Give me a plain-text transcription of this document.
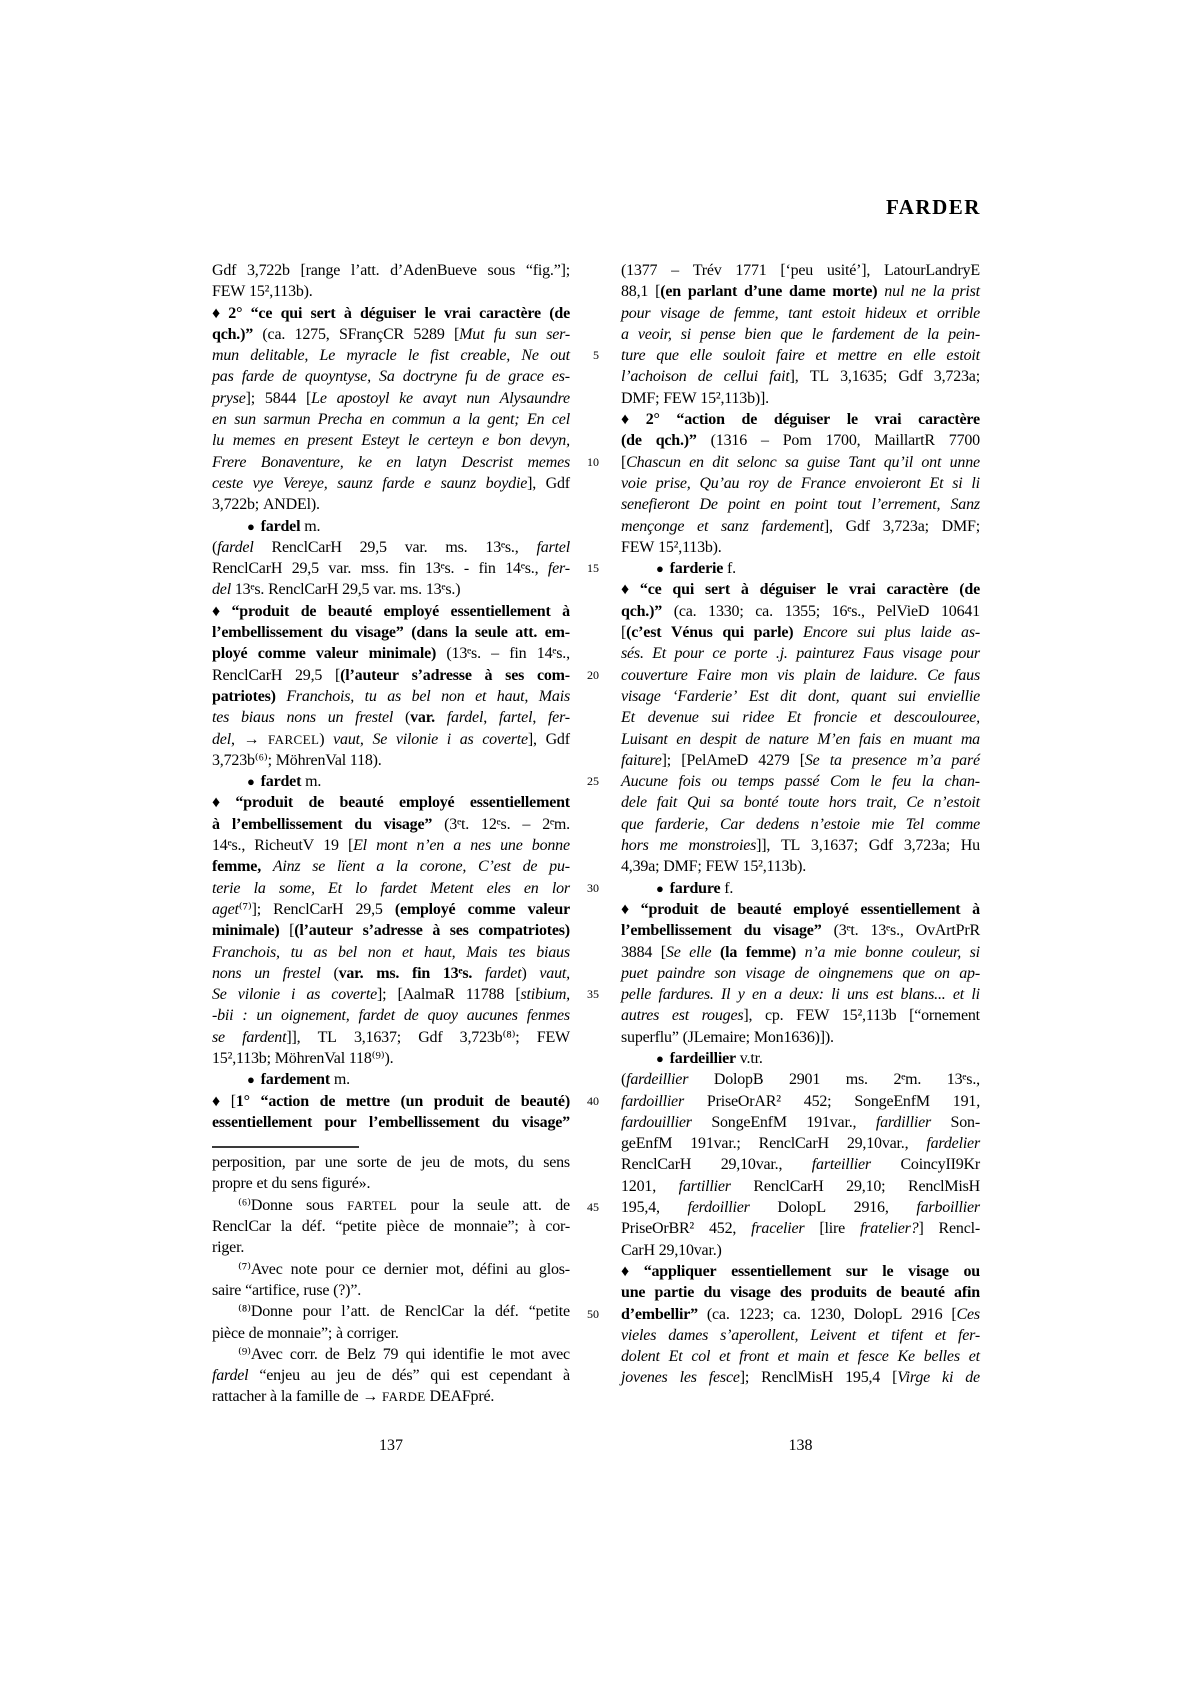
FARDER
Gdf 3,722b [range l’att. d’AdenBueve sous “fig.”];
FEW 15²,113b).
♦ 2° “ce qui sert à déguiser le vrai caractère (de
qch.)” (ca. 1275, SFrançCR 5289 [Mut fu sun ser-
mun delitable, Le myracle le fist creable, Ne out
pas farde de quoyntyse, Sa doctryne fu de grace es-
pryse]; 5844 [Le apostoyl ke avayt nun Alysaundre
en sun sarmun Precha en commun a la gent; En cel
lu memes en present Esteyt le certeyn e bon devyn,
Frere Bonaventure, ke en latyn Descrist memes
ceste vye Vereye, saunz farde e saunz boydie], Gdf
3,722b; ANDEl).
● fardel m.
(fardel RenclCarH 29,5 var. ms. 13ᵉs., fartel
RenclCarH 29,5 var. mss. fin 13ᵉs. - fin 14ᵉs., fer-
del 13ᵉs. RenclCarH 29,5 var. ms. 13ᵉs.)
♦ “produit de beauté employé essentiellement à
l’embellissement du visage” (dans la seule att. em-
ployé comme valeur minimale) (13ᵉs. – fin 14ᵉs.,
RenclCarH 29,5 [(l’auteur s’adresse à ses com-
patriotes) Franchois, tu as bel non et haut, Mais
tes biaus nons un frestel (var. fardel, fartel, fer-
del, → FARCEL) vaut, Se vilonie i as coverte], Gdf
3,723b⁽⁶⁾; MöhrenVal 118).
● fardet m.
♦ “produit de beauté employé essentiellement
à l’embellissement du visage” (3ᵉt. 12ᵉs. – 2ᵉm.
14ᵉs., RicheutV 19 [El mont n’en a nes une bonne
femme, Ainz se lïent a la corone, C’est de pu-
terie la some, Et lo fardet Metent eles en lor
aget⁽⁷⁾]; RenclCarH 29,5 (employé comme valeur
minimale) [(l’auteur s’adresse à ses compatriotes)
Franchois, tu as bel non et haut, Mais tes biaus
nons un frestel (var. ms. fin 13ᵉs. fardet) vaut,
Se vilonie i as coverte]; [AalmaR 11788 [stibium,
-bii : un oignement, fardet de quoy aucunes fenmes
se fardent]], TL 3,1637; Gdf 3,723b⁽⁸⁾; FEW
15²,113b; MöhrenVal 118⁽⁹⁾).
● fardement m.
♦ [1° “action de mettre (un produit de beauté)
essentiellement pour l’embellissement du visage”
perposition, par une sorte de jeu de mots, du sens
propre et du sens figuré».
⁽⁶⁾Donne sous FARTEL pour la seule att. de
RenclCar la déf. “petite pièce de monnaie”; à cor-
riger.
⁽⁷⁾Avec note pour ce dernier mot, défini au glos-
saire “artifice, ruse (?)”.
⁽⁸⁾Donne pour l’att. de RenclCar la déf. “petite
pièce de monnaie”; à corriger.
⁽⁹⁾Avec corr. de Belz 79 qui identifie le mot avec
fardel “enjeu au jeu de dés” qui est cependant à
rattacher à la famille de → FARDE DEAFpré.
5
10
15
20
25
30
35
40
45
50
(1377 – Trév 1771 [‘peu usité’], LatourLandryE
88,1 [(en parlant d’une dame morte) nul ne la prist
pour visage de femme, tant estoit hideux et orrible
a veoir, si pense bien que le fardement de la pein-
ture que elle souloit faire et mettre en elle estoit
l’achoison de cellui fait], TL 3,1635; Gdf 3,723a;
DMF; FEW 15²,113b)].
♦ 2° “action de déguiser le vrai caractère
(de qch.)” (1316 – Pom 1700, MaillartR 7700
[Chascun en dit selonc sa guise Tant qu’il ont unne
voie prise, Qu’au roy de France envoieront Et si li
senefieront De point en point tout l’errement, Sanz
mençonge et sanz fardement], Gdf 3,723a; DMF;
FEW 15²,113b).
● farderie f.
♦ “ce qui sert à déguiser le vrai caractère (de
qch.)” (ca. 1330; ca. 1355; 16ᵉs., PelVieD 10641
[(c’est Vénus qui parle) Encore sui plus laide as-
sés. Et pour ce porte .j. painturez Faus visage pour
couverture Faire mon vis plain de laidure. Ce faus
visage ‘Farderie’ Est dit dont, quant sui enviellie
Et devenue sui ridee Et froncie et descoulouree,
Luisant en despit de nature M’en fais en muant ma
faiture]; [PelAmeD 4279 [Se ta presence m’a paré
Aucune fois ou temps passé Com le feu la chan-
dele fait Qui sa bonté toute hors trait, Ce n’estoit
que farderie, Car dedens n’estoie mie Tel comme
hors me monstroies]], TL 3,1637; Gdf 3,723a; Hu
4,39a; DMF; FEW 15²,113b).
● fardure f.
♦ “produit de beauté employé essentiellement à
l’embellissement du visage” (3ᵉt. 13ᵉs., OvArtPrR
3884 [Se elle (la femme) n’a mie bonne couleur, si
puet paindre son visage de oingnemens que on ap-
pelle fardures. Il y en a deux: li uns est blans... et li
autres est rouges], cp. FEW 15²,113b [“ornement
superflu” (JLemaire; Mon1636)]).
● fardeillier v.tr.
(fardeillier DolopB 2901 ms. 2ᵉm. 13ᵉs.,
fardoillier PriseOrAR² 452; SongeEnfM 191,
fardouillier SongeEnfM 191var., fardillier Son-
geEnfM 191var.; RenclCarH 29,10var., fardelier
RenclCarH 29,10var., farteillier CoincyII9Kr
1201, fartillier RenclCarH 29,10; RenclMisH
195,4, ferdoillier DolopL 2916, farboillier
PriseOrBR² 452, fracelier [lire fratelier?] Rencl-
CarH 29,10var.)
♦ “appliquer essentiellement sur le visage ou
une partie du visage des produits de beauté afin
d’embellir” (ca. 1223; ca. 1230, DolopL 2916 [Ces
vieles dames s’aperollent, Leivent et tifent et fer-
dolent Et col et front et main et fesce Ke belles et
jovenes les fesce]; RenclMisH 195,4 [Virge ki de
137	138
